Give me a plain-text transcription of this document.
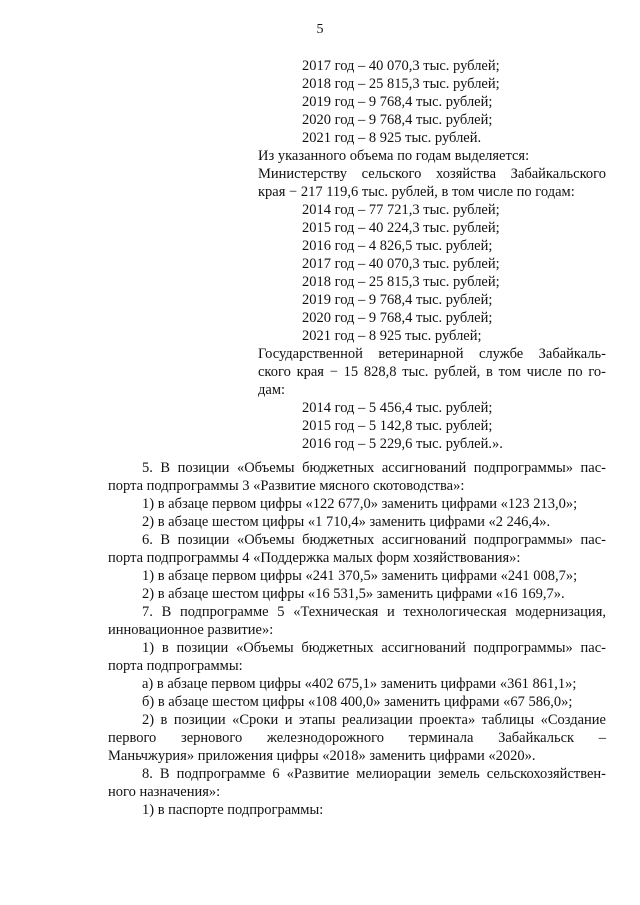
5
2017 год – 40 070,3 тыс. рублей;
2018 год – 25 815,3 тыс. рублей;
2019 год – 9 768,4 тыс. рублей;
2020 год – 9 768,4 тыс. рублей;
2021 год – 8 925 тыс. рублей.
Из указанного объема по годам выделяется:
Министерству сельского хозяйства Забайкальского
края − 217 119,6 тыс. рублей, в том числе по годам:
2014 год – 77 721,3 тыс. рублей;
2015 год – 40 224,3 тыс. рублей;
2016 год – 4 826,5 тыс. рублей;
2017 год – 40 070,3 тыс. рублей;
2018 год – 25 815,3 тыс. рублей;
2019 год – 9 768,4 тыс. рублей;
2020 год – 9 768,4 тыс. рублей;
2021 год – 8 925 тыс. рублей;
Государственной ветеринарной службе Забайкаль-
ского края − 15 828,8 тыс. рублей, в том числе по го-
дам:
2014 год – 5 456,4 тыс. рублей;
2015 год – 5 142,8 тыс. рублей;
2016 год – 5 229,6 тыс. рублей.».
5. В позиции «Объемы бюджетных ассигнований подпрограммы» пас-
порта подпрограммы 3 «Развитие мясного скотоводства»:
1) в абзаце первом цифры «122 677,0» заменить цифрами «123 213,0»;
2) в абзаце шестом цифры «1 710,4» заменить цифрами «2 246,4».
6. В позиции «Объемы бюджетных ассигнований подпрограммы» пас-
порта подпрограммы 4 «Поддержка малых форм хозяйствования»:
1) в абзаце первом цифры «241 370,5» заменить цифрами «241 008,7»;
2) в абзаце шестом цифры «16 531,5» заменить цифрами «16 169,7».
7. В подпрограмме 5 «Техническая и технологическая модернизация,
инновационное развитие»:
1) в позиции «Объемы бюджетных ассигнований подпрограммы» пас-
порта подпрограммы:
а) в абзаце первом цифры «402 675,1» заменить цифрами «361 861,1»;
б) в абзаце шестом цифры «108 400,0» заменить цифрами «67 586,0»;
2) в позиции «Сроки и этапы реализации проекта» таблицы «Создание
первого зернового железнодорожного терминала Забайкальск –
Маньчжурия» приложения цифры «2018» заменить цифрами «2020».
8. В подпрограмме 6 «Развитие мелиорации земель сельскохозяйствен-
ного назначения»:
1) в паспорте подпрограммы:
